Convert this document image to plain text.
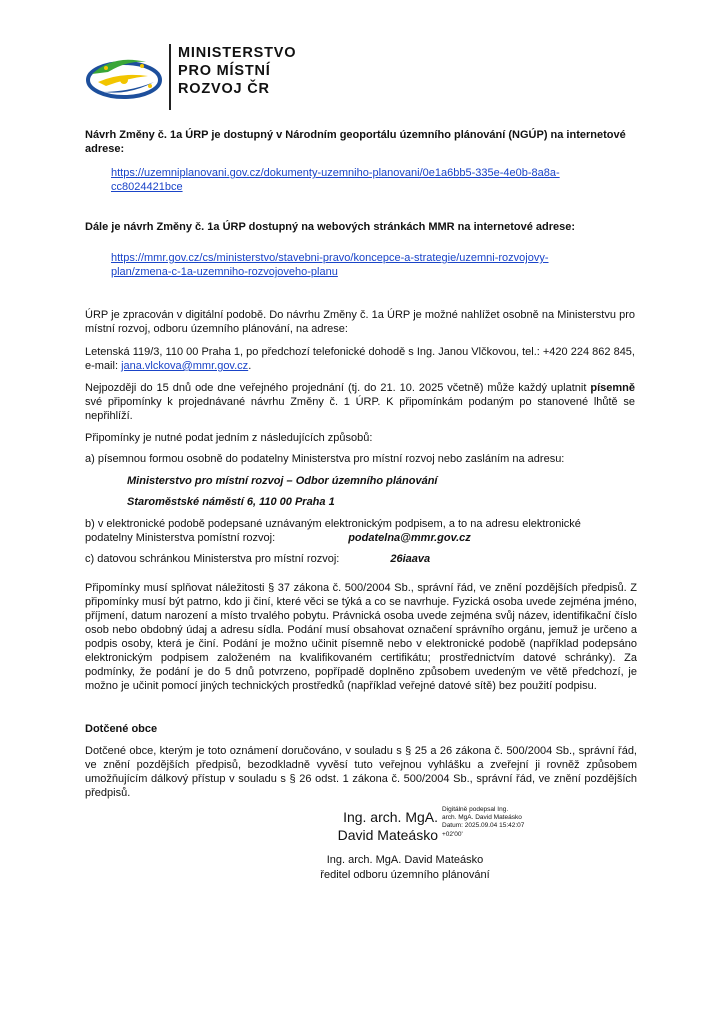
MINISTERSTVO
PRO MÍSTNÍ
ROZVOJ ČR
Návrh Změny č. 1a ÚRP je dostupný v Národním geoportálu územního plánování (NGÚP) na internetové adrese:
https://uzemniplanovani.gov.cz/dokumenty-uzemniho-planovani/0e1a6bb5-335e-4e0b-8a8a-
cc8024421bce
Dále je návrh Změny č. 1a ÚRP dostupný na webových stránkách MMR na internetové adrese:
https://mmr.gov.cz/cs/ministerstvo/stavebni-pravo/koncepce-a-strategie/uzemni-rozvojovy-
plan/zmena-c-1a-uzemniho-rozvojoveho-planu
ÚRP je zpracován v digitální podobě. Do návrhu Změny č. 1a ÚRP je možné nahlížet osobně na Ministerstvu pro místní rozvoj, odboru územního plánování, na adrese:
Letenská 119/3, 110 00 Praha 1, po předchozí telefonické dohodě s Ing. Janou Vlčkovou, tel.: +420 224 862 845, e-mail: jana.vlckova@mmr.gov.cz.
Nejpozději do 15 dnů ode dne veřejného projednání (tj. do 21. 10. 2025 včetně) může každý uplatnit písemně své připomínky k projednávané návrhu Změny č. 1 ÚRP. K připomínkám podaným po stanovené lhůtě se nepřihlíží.
Připomínky je nutné podat jedním z následujících způsobů:
a) písemnou formou osobně do podatelny Ministerstva pro místní rozvoj nebo zasláním na adresu:
Ministerstvo pro místní rozvoj – Odbor územního plánování
Staroměstské náměstí 6, 110 00 Praha 1
b) v elektronické podobě podepsané uznávaným elektronickým podpisem, a to na adresu elektronické podatelny Ministerstva pomístní rozvoj:	podatelna@mmr.gov.cz
c) datovou schránkou Ministerstva pro místní rozvoj:	26iaava
Připomínky musí splňovat náležitosti § 37 zákona č. 500/2004 Sb., správní řád, ve znění pozdějších předpisů. Z připomínky musí být patrno, kdo ji činí, které věci se týká a co se navrhuje. Fyzická osoba uvede zejména jméno, příjmení, datum narození a místo trvalého pobytu. Právnická osoba uvede zejména svůj název, identifikační číslo osob nebo obdobný údaj a adresu sídla. Podání musí obsahovat označení správního orgánu, jemuž je určeno a podpis osoby, která je činí. Podání je možno učinit písemně nebo v elektronické podobě (například podepsáno elektronickým podpisem založeném na kvalifikovaném certifikátu; prostřednictvím datové schránky). Za podmínky, že podání je do 5 dnů potvrzeno, popřípadě doplněno způsobem uvedeným ve větě předchozí, je možno je učinit pomocí jiných technických prostředků (například veřejné datové sítě) bez použití podpisu.
Dotčené obce
Dotčené obce, kterým je toto oznámení doručováno, v souladu s § 25 a 26 zákona č. 500/2004 Sb., správní řád, ve znění pozdějších předpisů, bezodkladně vyvěsí tuto veřejnou vyhlášku a zveřejní ji rovněž způsobem umožňujícím dálkový přístup v souladu s § 26 odst. 1 zákona č. 500/2004 Sb., správní řád, ve znění pozdějších předpisů.
Ing. arch. MgA.
David Mateásko
Digitálně podepsal Ing.
arch. MgA. David Mateásko
Datum: 2025.09.04 15:42:07
+02'00'
Ing. arch. MgA. David Mateásko
ředitel odboru územního plánování
